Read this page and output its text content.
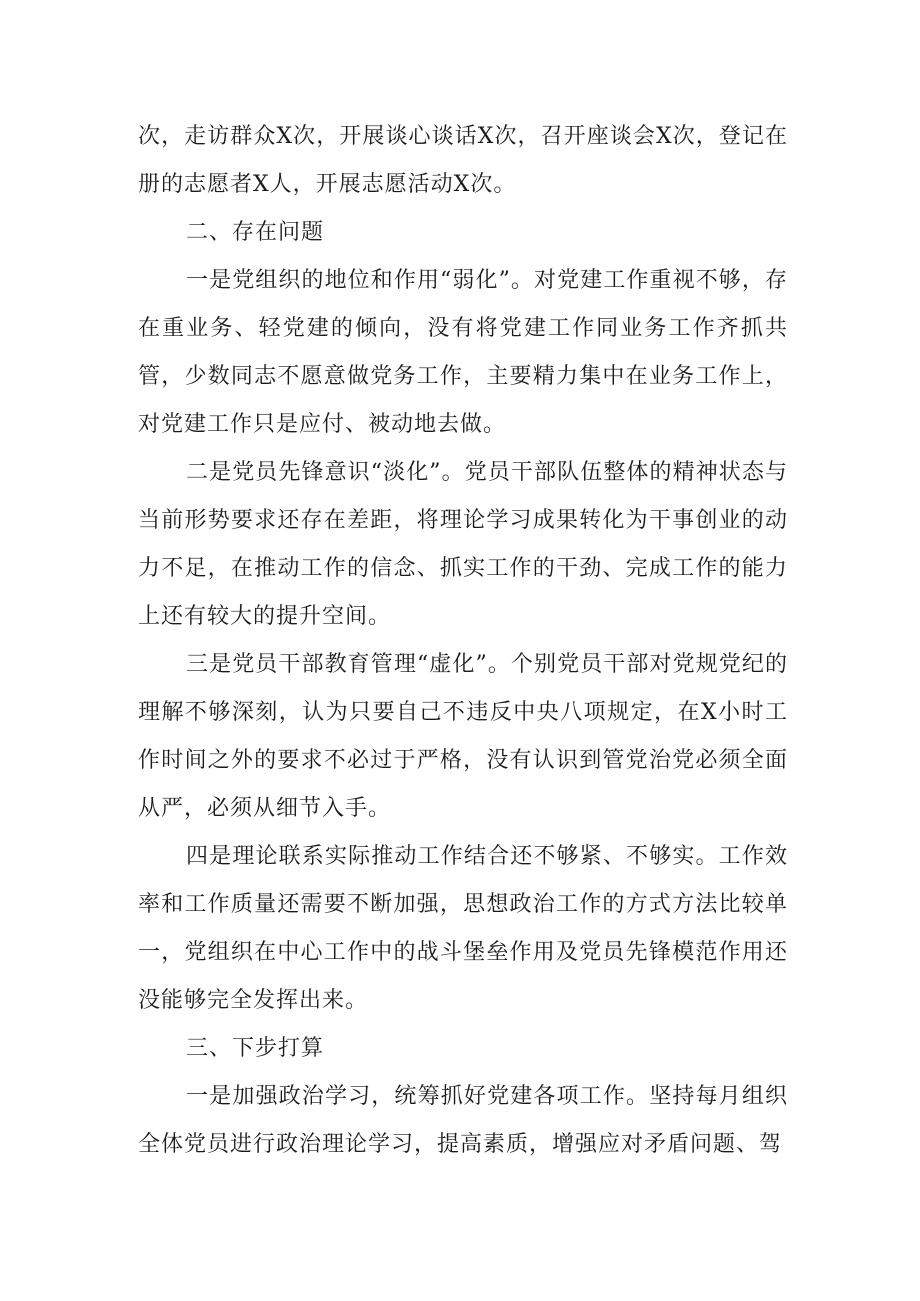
次，走访群众X次，开展谈心谈话X次，召开座谈会X次，登记在册的志愿者X人，开展志愿活动X次。

二、存在问题

一是党组织的地位和作用“弱化”。对党建工作重视不够，存在重业务、轻党建的倾向，没有将党建工作同业务工作齐抓共管，少数同志不愿意做党务工作，主要精力集中在业务工作上，对党建工作只是应付、被动地去做。

二是党员先锋意识“淡化”。党员干部队伍整体的精神状态与当前形势要求还存在差距，将理论学习成果转化为干事创业的动力不足，在推动工作的信念、抓实工作的干劲、完成工作的能力上还有较大的提升空间。

三是党员干部教育管理“虚化”。个别党员干部对党规党纪的理解不够深刻，认为只要自己不违反中央八项规定，在X小时工作时间之外的要求不必过于严格，没有认识到管党治党必须全面从严，必须从细节入手。

四是理论联系实际推动工作结合还不够紧、不够实。工作效率和工作质量还需要不断加强，思想政治工作的方式方法比较单一，党组织在中心工作中的战斗堡垒作用及党员先锋模范作用还没能够完全发挥出来。

三、下步打算

一是加强政治学习，统筹抓好党建各项工作。坚持每月组织全体党员进行政治理论学习，提高素质，增强应对矛盾问题、驾
